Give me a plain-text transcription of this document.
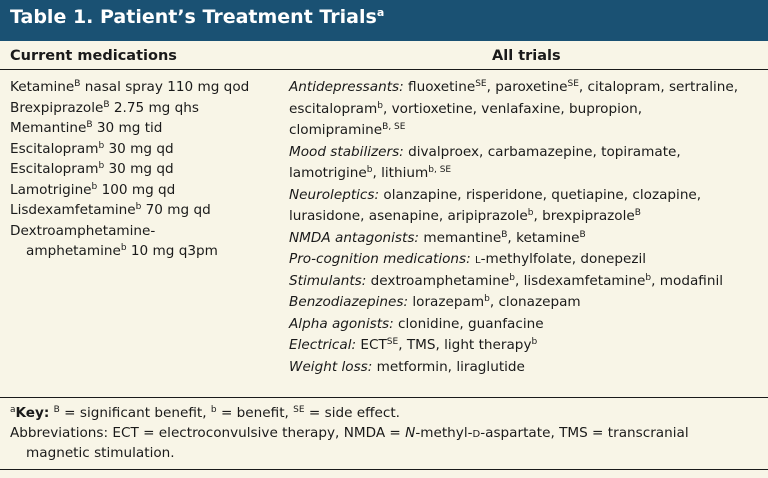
Table 1. Patient’s Treatment Trials$^a$
Current medications	All trials
Ketamine$^B$ nasal spray 110 mg qod
Brexpiprazole$^B$ 2.75 mg qhs
Memantine$^B$ 30 mg tid
Escitalopram$^b$ 30 mg qd
Escitalopram$^b$ 30 mg qd
Lamotrigine$^b$ 100 mg qd
Lisdexamfetamine$^b$ 70 mg qd
Dextroamphetamine-
amphetamine$^b$ 10 mg q3pm
Antidepressants: fluoxetine$^{SE}$, paroxetine$^{SE}$, citalopram, sertraline,
escitalopram$^b$, vortioxetine, venlafaxine, bupropion,
clomipramine$^{B, SE}$
Mood stabilizers: divalproex, carbamazepine, topiramate,
lamotrigine$^b$, lithium$^{b, SE}$
Neuroleptics: olanzapine, risperidone, quetiapine, clozapine,
lurasidone, asenapine, aripiprazole$^b$, brexpiprazole$^B$
NMDA antagonists: memantine$^B$, ketamine$^B$
Pro-cognition medications: l-methylfolate, donepezil
Stimulants: dextroamphetamine$^b$, lisdexamfetamine$^b$, modafinil
Benzodiazepines: lorazepam$^b$, clonazepam
Alpha agonists: clonidine, guanfacine
Electrical: $ECT^{SE}$, TMS, light therapy$^b$
Weight loss: metformin, liraglutide
$^a$Key: $^B$ = significant benefit, $^b$ = benefit, $^{SE}$ = side effect.
Abbreviations: ECT = electroconvulsive therapy, NMDA = N-methyl-d-aspartate, TMS = transcranial
magnetic stimulation.
